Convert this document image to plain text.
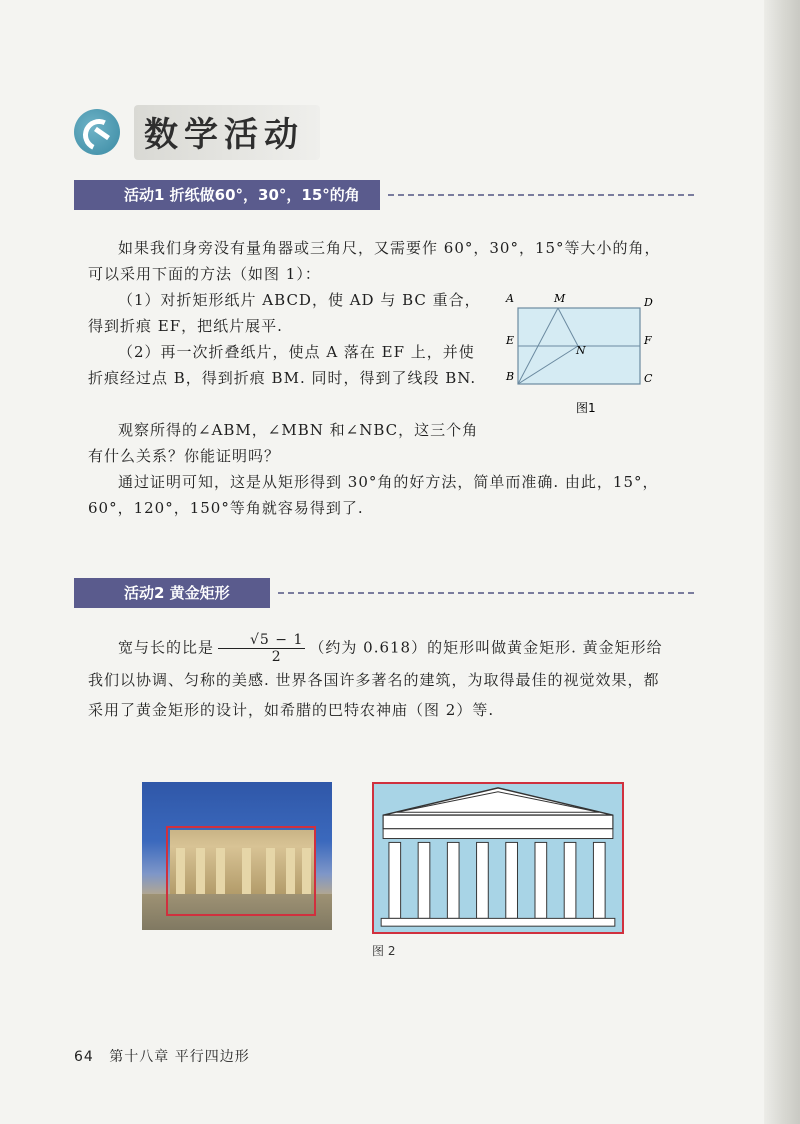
数学活动
活动1 折纸做60°，30°，15°的角
如果我们身旁没有量角器或三角尺，又需要作 60°，30°，15°等大小的角，可以采用下面的方法（如图 1）：
（1）对折矩形纸片 ABCD，使 AD 与 BC 重合，得到折痕 EF，把纸片展平.
（2）再一次折叠纸片，使点 A 落在 EF 上，并使折痕经过点 B，得到折痕 BM. 同时，得到了线段 BN.
观察所得的∠ABM，∠MBN 和∠NBC，这三个角有什么关系？你能证明吗？
通过证明可知，这是从矩形得到 30°角的好方法，简单而准确. 由此，15°，60°，120°，150°等角就容易得到了.
A	M	D
E
N
F
B	C
图1
活动2 黄金矩形
宽与长的比是 $\frac{√5 - 1}{2}$ （约为 0.618）的矩形叫做黄金矩形. 黄金矩形给我们以协调、匀称的美感. 世界各国许多著名的建筑，为取得最佳的视觉效果，都采用了黄金矩形的设计，如希腊的巴特农神庙（图 2）等.
图 2
64 第十八章 平行四边形
